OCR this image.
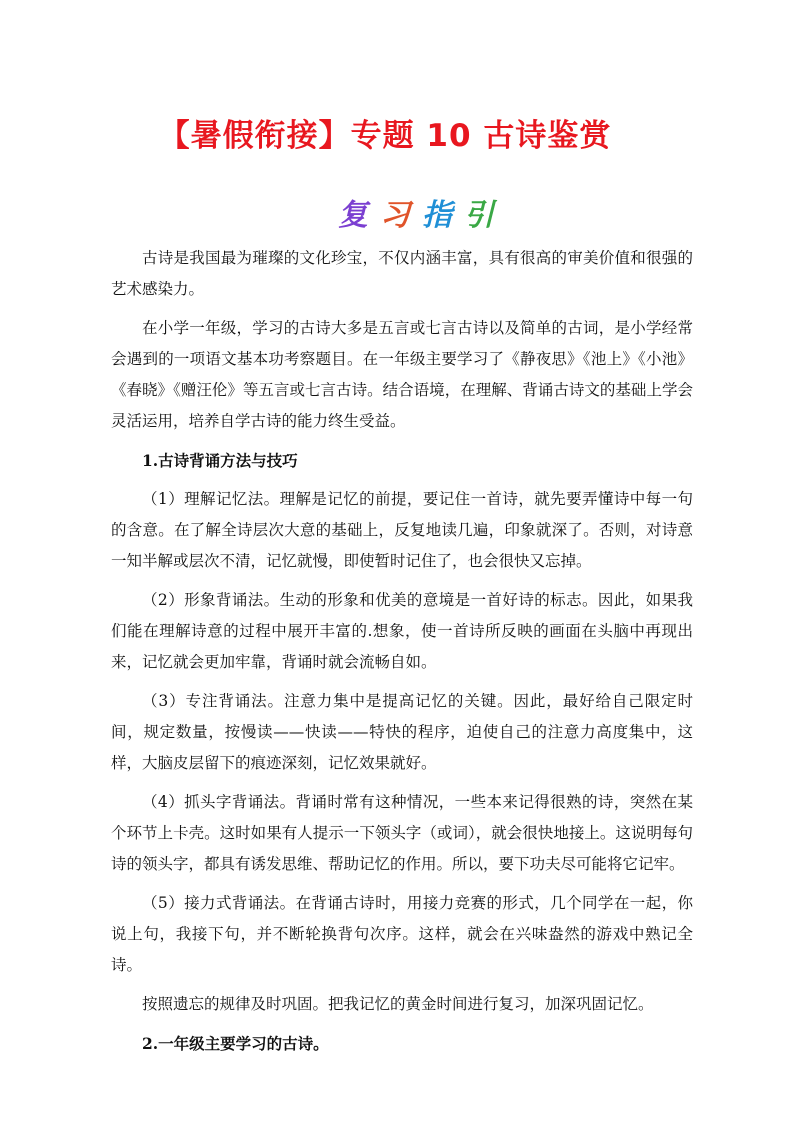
【暑假衔接】专题 10 古诗鉴赏
复习指引

古诗是我国最为璀璨的文化珍宝，不仅内涵丰富，具有很高的审美价值和很强的艺术感染力。

在小学一年级，学习的古诗大多是五言或七言古诗以及简单的古词，是小学经常会遇到的一项语文基本功考察题目。在一年级主要学习了《静夜思》《池上》《小池》《春晓》《赠汪伦》等五言或七言古诗。结合语境，在理解、背诵古诗文的基础上学会灵活运用，培养自学古诗的能力终生受益。

1.古诗背诵方法与技巧

（1）理解记忆法。理解是记忆的前提，要记住一首诗，就先要弄懂诗中每一句的含意。在了解全诗层次大意的基础上，反复地读几遍，印象就深了。否则，对诗意一知半解或层次不清，记忆就慢，即使暂时记住了，也会很快又忘掉。

（2）形象背诵法。生动的形象和优美的意境是一首好诗的标志。因此，如果我们能在理解诗意的过程中展开丰富的.想象，使一首诗所反映的画面在头脑中再现出来，记忆就会更加牢靠，背诵时就会流畅自如。

（3）专注背诵法。注意力集中是提高记忆的关键。因此，最好给自己限定时间，规定数量，按慢读——快读——特快的程序，迫使自己的注意力高度集中，这样，大脑皮层留下的痕迹深刻，记忆效果就好。

（4）抓头字背诵法。背诵时常有这种情况，一些本来记得很熟的诗，突然在某个环节上卡壳。这时如果有人提示一下领头字（或词），就会很快地接上。这说明每句诗的领头字，都具有诱发思维、帮助记忆的作用。所以，要下功夫尽可能将它记牢。

（5）接力式背诵法。在背诵古诗时，用接力竞赛的形式，几个同学在一起，你说上句，我接下句，并不断轮换背句次序。这样，就会在兴味盎然的游戏中熟记全诗。

按照遗忘的规律及时巩固。把我记忆的黄金时间进行复习，加深巩固记忆。

2.一年级主要学习的古诗。
